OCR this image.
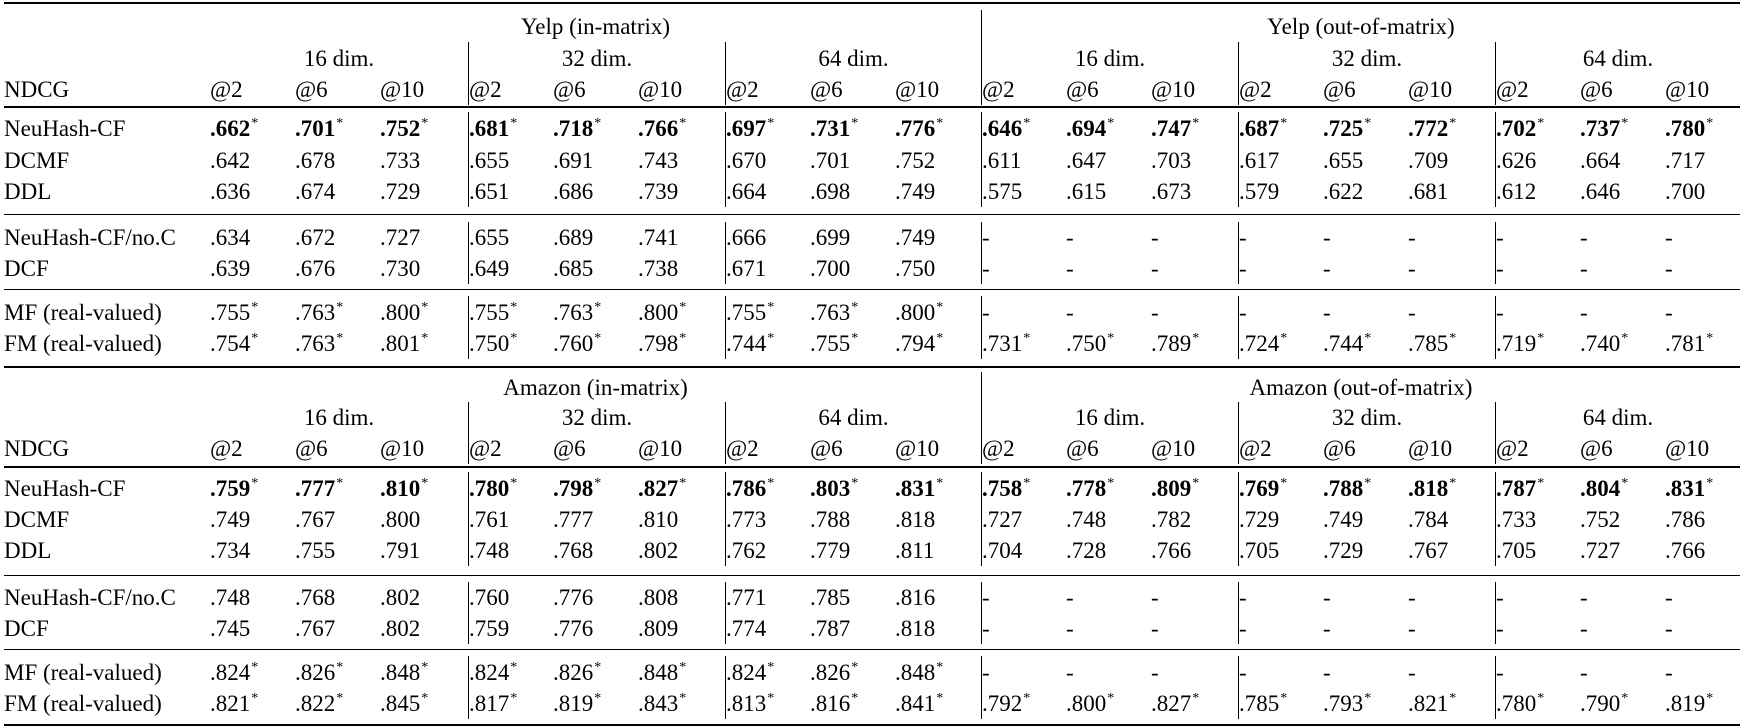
	Yelp (in-matrix)									Yelp (out-of-matrix)								
	16 dim.			32 dim.			64 dim.			16 dim.			32 dim.			64 dim.		
NDCG	@2	@6	@10	@2	@6	@10	@2	@6	@10	@2	@6	@10	@2	@6	@10	@2	@6	@10

NeuHash-CF	.662 *	.701 *	.752 *	.681 *	.718 *	.766 *	.697 *	.731 *	.776 *	.646 *	.694 *	.747 *	.687 *	.725 *	.772 *	.702 *	.737 *	.780 *
DCMF	.642	.678	.733	.655	.691	.743	.670	.701	.752	.611	.647	.703	.617	.655	.709	.626	.664	.717
DDL	.636	.674	.729	.651	.686	.739	.664	.698	.749	.575	.615	.673	.579	.622	.681	.612	.646	.700

NeuHash-CF/no.C	.634	.672	.727	.655	.689	.741	.666	.699	.749	-	-	-	-	-	-	-	-	-
DCF	.639	.676	.730	.649	.685	.738	.671	.700	.750	-	-	-	-	-	-	-	-	-

MF (real-valued)	.755 *	.763 *	.800 *	.755 *	.763 *	.800 *	.755 *	.763 *	.800 *	-	-	-	-	-	-	-	-	-
FM (real-valued)	.754 *	.763 *	.801 *	.750 *	.760 *	.798 *	.744 *	.755 *	.794 *	.731 *	.750 *	.789 *	.724 *	.744 *	.785 *	.719 *	.740 *	.781 *

	Amazon (in-matrix)									Amazon (out-of-matrix)								
	16 dim.			32 dim.			64 dim.			16 dim.			32 dim.			64 dim.		
NDCG	@2	@6	@10	@2	@6	@10	@2	@6	@10	@2	@6	@10	@2	@6	@10	@2	@6	@10

NeuHash-CF	.759 *	.777 *	.810 *	.780 *	.798 *	.827 *	.786 *	.803 *	.831 *	.758 *	.778 *	.809 *	.769 *	.788 *	.818 *	.787 *	.804 *	.831 *
DCMF	.749	.767	.800	.761	.777	.810	.773	.788	.818	.727	.748	.782	.729	.749	.784	.733	.752	.786
DDL	.734	.755	.791	.748	.768	.802	.762	.779	.811	.704	.728	.766	.705	.729	.767	.705	.727	.766

NeuHash-CF/no.C	.748	.768	.802	.760	.776	.808	.771	.785	.816	-	-	-	-	-	-	-	-	-
DCF	.745	.767	.802	.759	.776	.809	.774	.787	.818	-	-	-	-	-	-	-	-	-

MF (real-valued)	.824 *	.826 *	.848 *	.824 *	.826 *	.848 *	.824 *	.826 *	.848 *	-	-	-	-	-	-	-	-	-
FM (real-valued)	.821 *	.822 *	.845 *	.817 *	.819 *	.843 *	.813 *	.816 *	.841 *	.792 *	.800 *	.827 *	.785 *	.793 *	.821 *	.780 *	.790 *	.819 *
